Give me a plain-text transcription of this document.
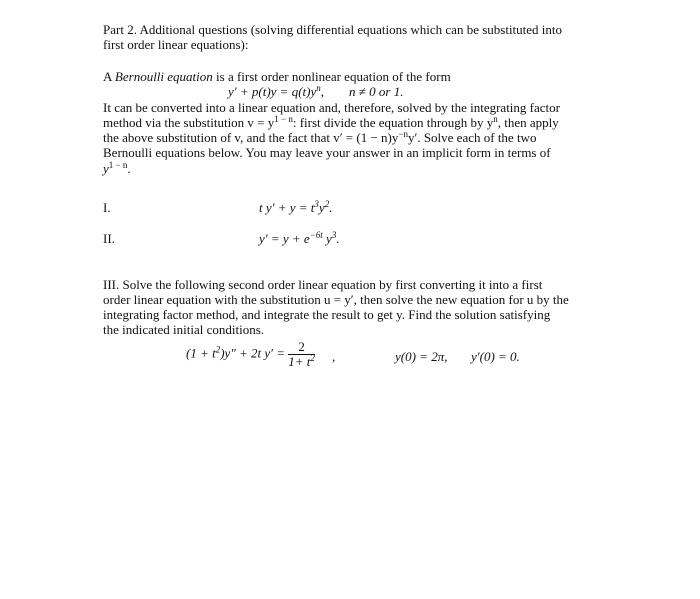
Part 2. Additional questions (solving differential equations which can be substituted into
first order linear equations):
A Bernoulli equation is a first order nonlinear equation of the form
$y' + p(t)y = q(t)y^n$, n ≠ 0 or 1.
It can be converted into a linear equation and, therefore, solved by the integrating factor
method via the substitution $v = y^{1 - n}$: first divide the equation through by $y^n$, then apply
the above substitution of v, and the fact that $v' = (1 - n)y^{-n}y'$. Solve each of the two
Bernoulli equations below. You may leave your answer in an implicit form in terms of
$y^{1 - n}$.
I.	t $y' + y = t^3y^2$.
II.	$y' = y + e^{-6t}$ $y^3$.
III. Solve the following second order linear equation by first converting it into a first
order linear equation with the substitution u = y′, then solve the new equation for u by the
integrating factor method, and integrate the result to get y. Find the solution satisfying
the indicated initial conditions.
$(1 + t^2)y'' + 2t$ $y' = \frac{2}{1+ t^2}$ ,	y(0) = 2π, y′(0) = 0.
